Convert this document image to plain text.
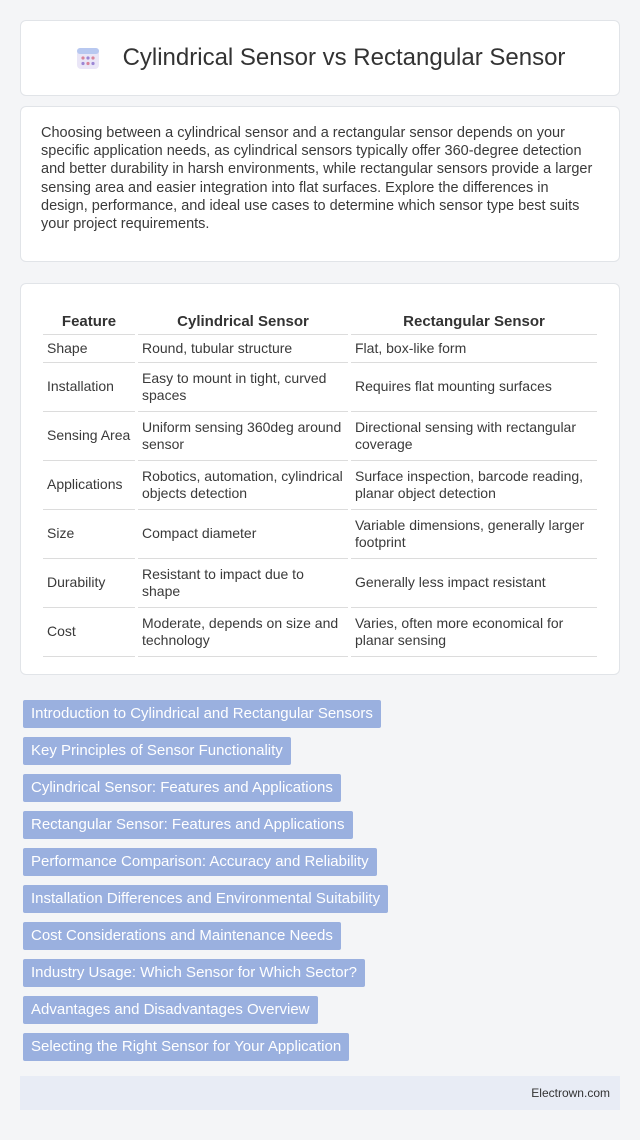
Cylindrical Sensor vs Rectangular Sensor

Choosing between a cylindrical sensor and a rectangular sensor depends on your specific application needs, as cylindrical sensors typically offer 360-degree detection and better durability in harsh environments, while rectangular sensors provide a larger sensing area and easier integration into flat surfaces. Explore the differences in design, performance, and ideal use cases to determine which sensor type best suits your project requirements.

Feature	Cylindrical Sensor	Rectangular Sensor
Shape	Round, tubular structure	Flat, box-like form
Installation	Easy to mount in tight, curved spaces	Requires flat mounting surfaces
Sensing Area	Uniform sensing 360deg around sensor	Directional sensing with rectangular coverage
Applications	Robotics, automation, cylindrical objects detection	Surface inspection, barcode reading, planar object detection
Size	Compact diameter	Variable dimensions, generally larger footprint
Durability	Resistant to impact due to shape	Generally less impact resistant
Cost	Moderate, depends on size and technology	Varies, often more economical for planar sensing
Introduction to Cylindrical and Rectangular Sensors
Key Principles of Sensor Functionality
Cylindrical Sensor: Features and Applications
Rectangular Sensor: Features and Applications
Performance Comparison: Accuracy and Reliability
Installation Differences and Environmental Suitability
Cost Considerations and Maintenance Needs
Industry Usage: Which Sensor for Which Sector?
Advantages and Disadvantages Overview
Selecting the Right Sensor for Your Application
Electrown.com
